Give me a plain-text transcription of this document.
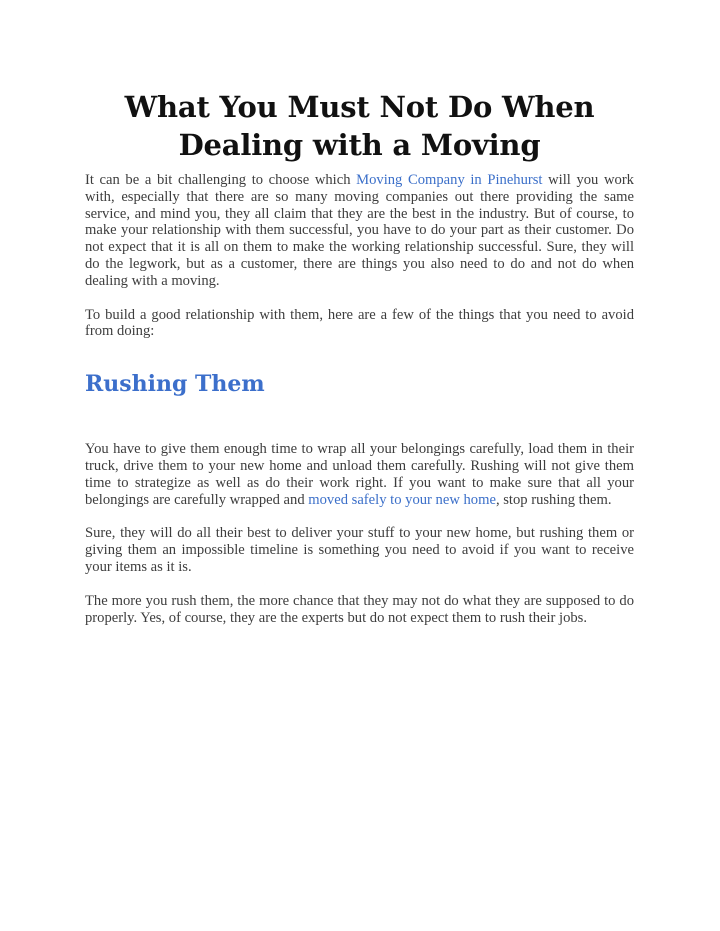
What You Must Not Do When Dealing with a Moving

It can be a bit challenging to choose which Moving Company in Pinehurst will you work with, especially that there are so many moving companies out there providing the same service, and mind you, they all claim that they are the best in the industry. But of course, to make your relationship with them successful, you have to do your part as their customer. Do not expect that it is all on them to make the working relationship successful. Sure, they will do the legwork, but as a customer, there are things you also need to do and not do when dealing with a moving.

To build a good relationship with them, here are a few of the things that you need to avoid from doing:

Rushing Them

You have to give them enough time to wrap all your belongings carefully, load them in their truck, drive them to your new home and unload them carefully. Rushing will not give them time to strategize as well as do their work right. If you want to make sure that all your belongings are carefully wrapped and moved safely to your new home, stop rushing them.

Sure, they will do all their best to deliver your stuff to your new home, but rushing them or giving them an impossible timeline is something you need to avoid if you want to receive your items as it is.

The more you rush them, the more chance that they may not do what they are supposed to do properly. Yes, of course, they are the experts but do not expect them to rush their jobs.
